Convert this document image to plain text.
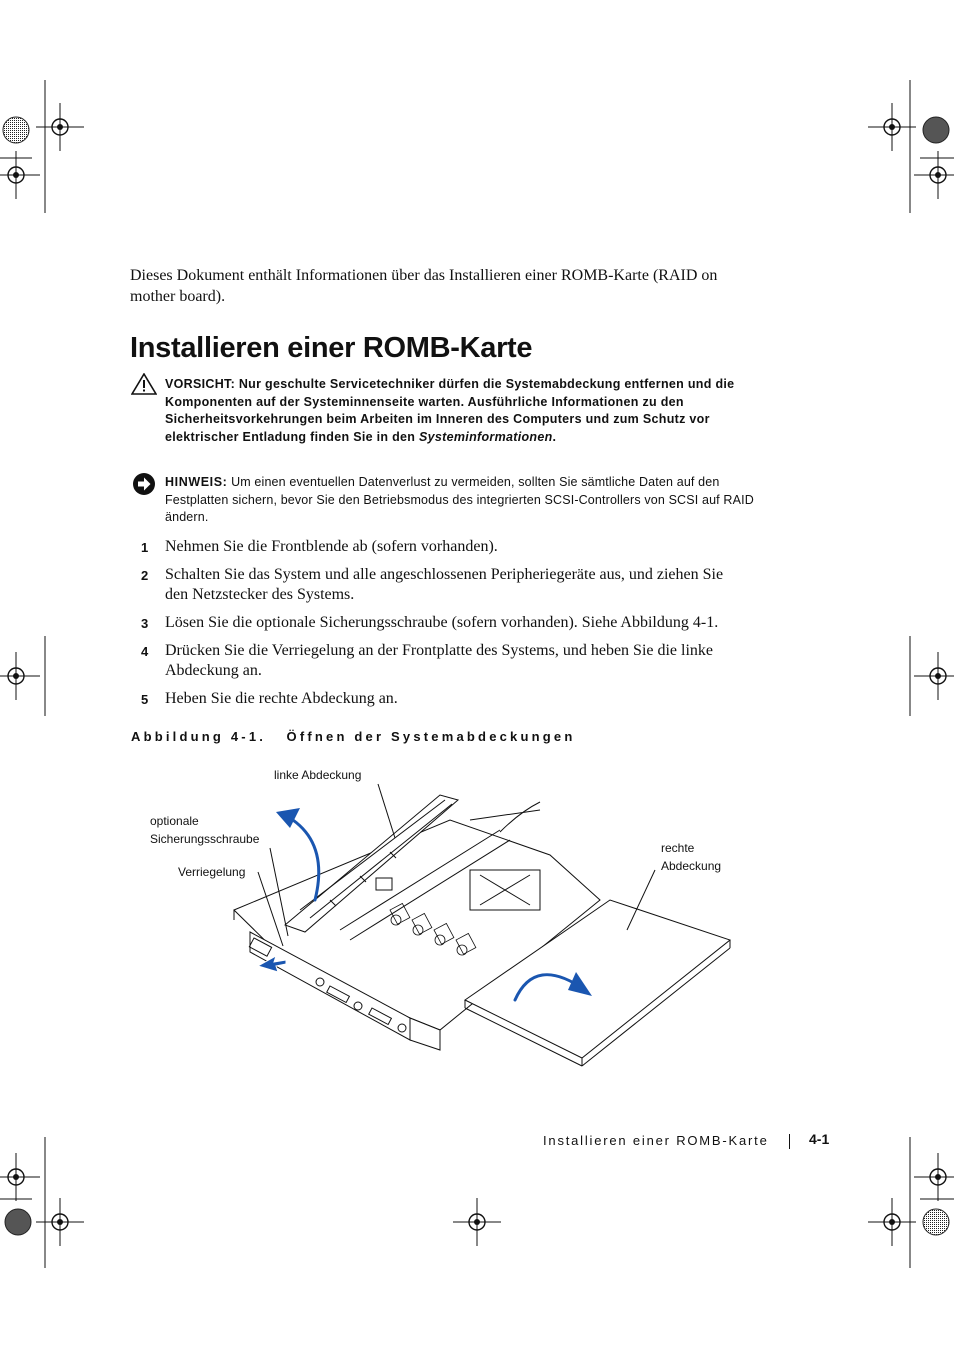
Dieses Dokument enthält Informationen über das Installieren einer ROMB-Karte (RAID on mother board).

Installieren einer ROMB-Karte
VORSICHT: Nur geschulte Servicetechniker dürfen die Systemabdeckung entfernen und die Komponenten auf der Systeminnenseite warten. Ausführliche Informationen zu den Sicherheitsvorkehrungen beim Arbeiten im Inneren des Computers und zum Schutz vor elektrischer Entladung finden Sie in den Systeminformationen.
HINWEIS: Um einen eventuellen Datenverlust zu vermeiden, sollten Sie sämtliche Daten auf den Festplatten sichern, bevor Sie den Betriebsmodus des integrierten SCSI-Controllers von SCSI auf RAID ändern.
1 Nehmen Sie die Frontblende ab (sofern vorhanden).
2 Schalten Sie das System und alle angeschlossenen Peripheriegeräte aus, und ziehen Sie den Netzstecker des Systems.
3 Lösen Sie die optionale Sicherungsschraube (sofern vorhanden). Siehe Abbildung 4-1.
4 Drücken Sie die Verriegelung an der Frontplatte des Systems, und heben Sie die linke Abdeckung an.
5 Heben Sie die rechte Abdeckung an.
Abbildung 4-1.   Öffnen der Systemabdeckungen
linke Abdeckung
optionale
Sicherungsschraube
Verriegelung
rechte
Abdeckung
Installieren einer ROMB-Karte	4-1
